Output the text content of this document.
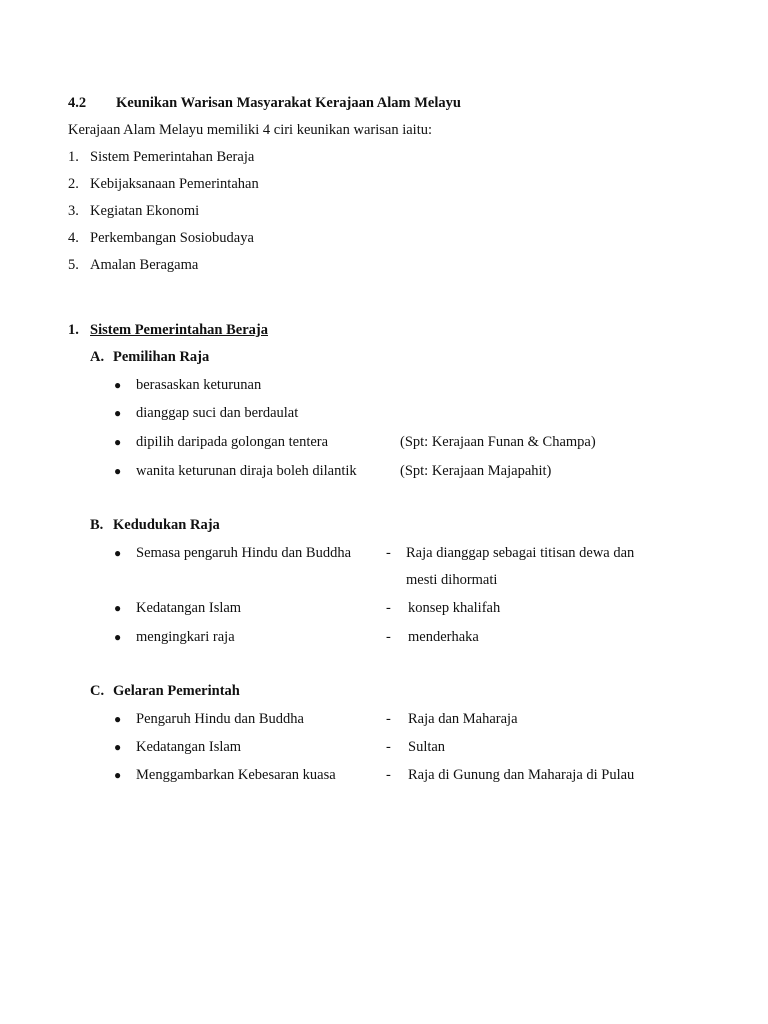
4.2 Keunikan Warisan Masyarakat Kerajaan Alam Melayu
Kerajaan Alam Melayu memiliki 4 ciri keunikan warisan iaitu:
1. Sistem Pemerintahan Beraja
2. Kebijaksanaan Pemerintahan
3. Kegiatan Ekonomi
4. Perkembangan Sosiobudaya
5. Amalan Beragama
1. Sistem Pemerintahan Beraja
A. Pemilihan Raja
● berasaskan keturunan
● dianggap suci dan berdaulat
● dipilih daripada golongan tentera	(Spt: Kerajaan Funan & Champa)
● wanita keturunan diraja boleh dilantik	(Spt: Kerajaan Majapahit)
B. Kedudukan Raja
● Semasa pengaruh Hindu dan Buddha - Raja dianggap sebagai titisan dewa dan
mesti dihormati
● Kedatangan Islam	- konsep khalifah
● mengingkari raja	- menderhaka
C. Gelaran Pemerintah
● Pengaruh Hindu dan Buddha	- Raja dan Maharaja
● Kedatangan Islam	- Sultan
● Menggambarkan Kebesaran kuasa	- Raja di Gunung dan Maharaja di Pulau
